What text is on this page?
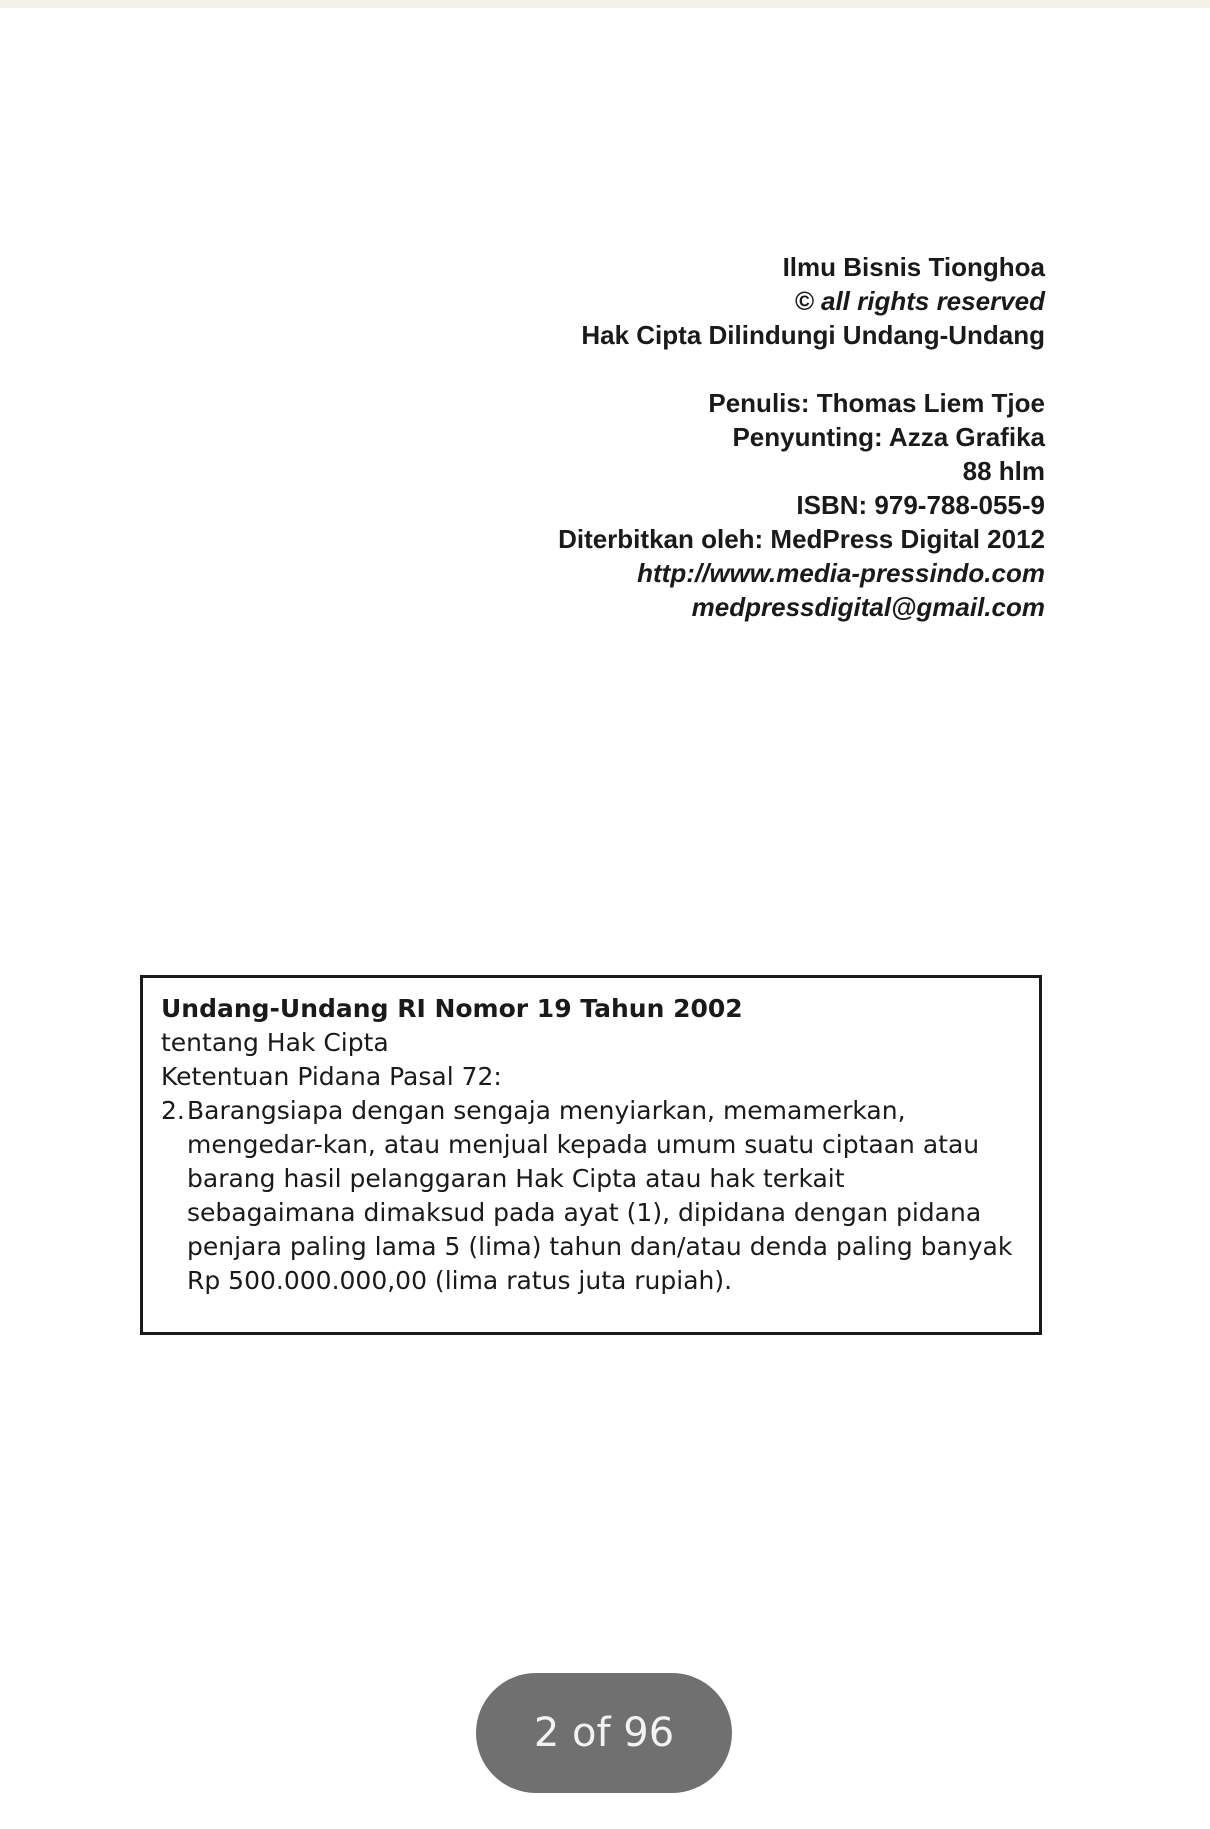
Ilmu Bisnis Tionghoa
© all rights reserved
Hak Cipta Dilindungi Undang-Undang
Penulis: Thomas Liem Tjoe
Penyunting: Azza Grafika
88 hlm
ISBN: 979-788-055-9
Diterbitkan oleh: MedPress Digital 2012
http://www.media-pressindo.com
medpressdigital@gmail.com
Undang-Undang RI Nomor 19 Tahun 2002
tentang Hak Cipta
Ketentuan Pidana Pasal 72:
2. Barangsiapa dengan sengaja menyiarkan, memamerkan, mengedar-kan, atau menjual kepada umum suatu ciptaan atau barang hasil pelanggaran Hak Cipta atau hak terkait sebagaimana dimaksud pada ayat (1), dipidana dengan pidana penjara paling lama 5 (lima) tahun dan/atau denda paling banyak Rp 500.000.000,00 (lima ratus juta rupiah).
2 of 96
